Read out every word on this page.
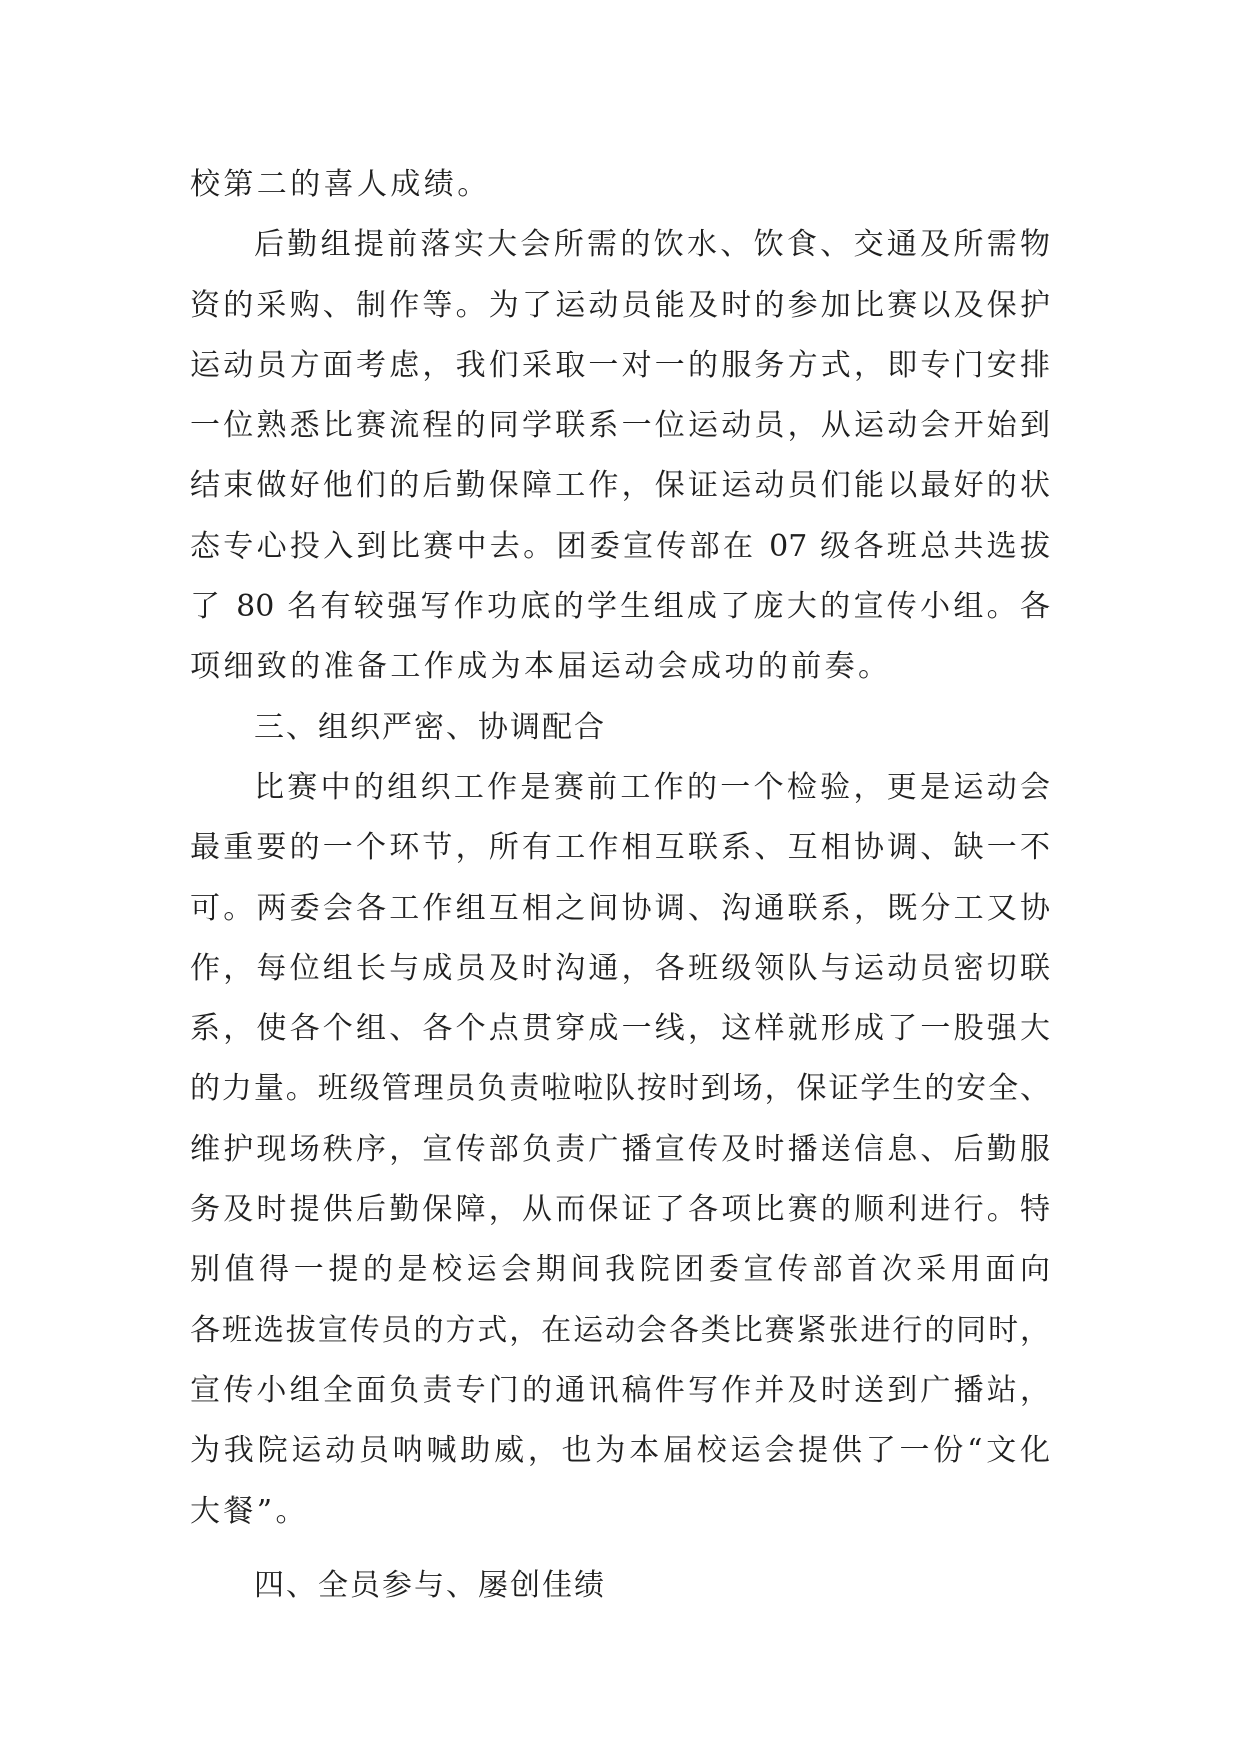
校第二的喜人成绩。
后勤组提前落实大会所需的饮水、饮食、交通及所需物
资的采购、制作等。为了运动员能及时的参加比赛以及保护
运动员方面考虑，我们采取一对一的服务方式，即专门安排
一位熟悉比赛流程的同学联系一位运动员，从运动会开始到
结束做好他们的后勤保障工作，保证运动员们能以最好的状
态专心投入到比赛中去。团委宣传部在 07 级各班总共选拔
了 80 名有较强写作功底的学生组成了庞大的宣传小组。各
项细致的准备工作成为本届运动会成功的前奏。
三、组织严密、协调配合
比赛中的组织工作是赛前工作的一个检验，更是运动会
最重要的一个环节，所有工作相互联系、互相协调、缺一不
可。两委会各工作组互相之间协调、沟通联系，既分工又协
作，每位组长与成员及时沟通，各班级领队与运动员密切联
系，使各个组、各个点贯穿成一线，这样就形成了一股强大
的力量。班级管理员负责啦啦队按时到场，保证学生的安全、
维护现场秩序，宣传部负责广播宣传及时播送信息、后勤服
务及时提供后勤保障，从而保证了各项比赛的顺利进行。特
别值得一提的是校运会期间我院团委宣传部首次采用面向
各班选拔宣传员的方式，在运动会各类比赛紧张进行的同时，
宣传小组全面负责专门的通讯稿件写作并及时送到广播站，
为我院运动员呐喊助威，也为本届校运会提供了一份“文化
大餐”。
四、全员参与、屡创佳绩
